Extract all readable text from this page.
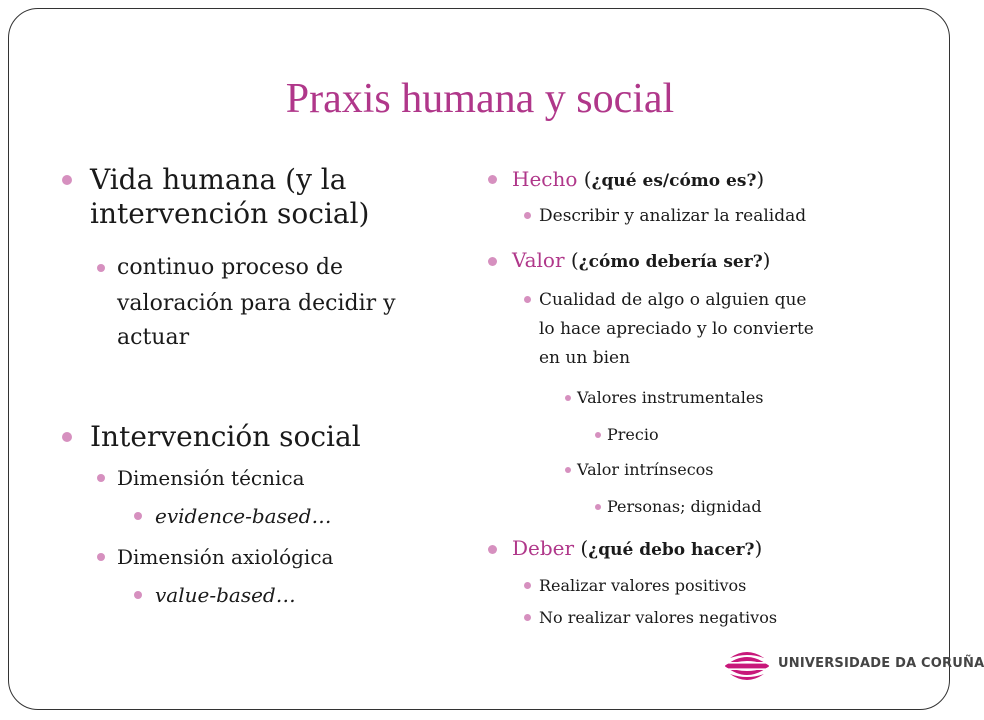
Praxis humana y social
Vida humana (y la
intervención social)
continuo proceso de
valoración para decidir y
actuar
Intervención social
Dimensión técnica
evidence-based…
Dimensión axiológica
value-based…
Hecho (¿qué es/cómo es?)
Describir y analizar la realidad
Valor (¿cómo debería ser?)
Cualidad de algo o alguien que
lo hace apreciado y lo convierte
en un bien
Valores instrumentales
Precio
Valor intrínsecos
Personas; dignidad
Deber (¿qué debo hacer?)
Realizar valores positivos
No realizar valores negativos
UNIVERSIDADE DA CORUÑA
